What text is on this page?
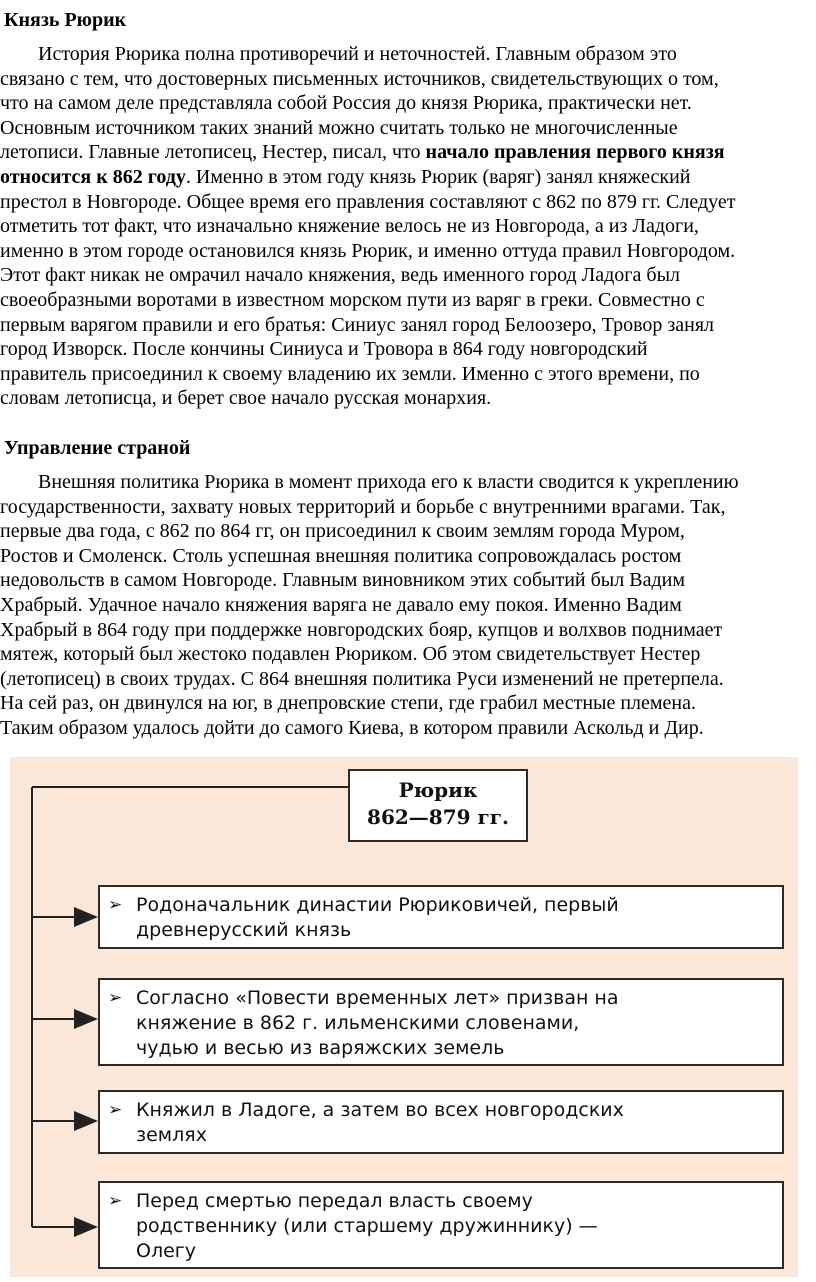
Князь Рюрик
История Рюрика полна противоречий и неточностей. Главным образом это
связано с тем, что достоверных письменных источников, свидетельствующих о том,
что на самом деле представляла собой Россия до князя Рюрика, практически нет.
Основным источником таких знаний можно считать только не многочисленные
летописи. Главные летописец, Нестер, писал, что начало правления первого князя
относится к 862 году. Именно в этом году князь Рюрик (варяг) занял княжеский
престол в Новгороде. Общее время его правления составляют с 862 по 879 гг. Следует
отметить тот факт, что изначально княжение велось не из Новгорода, а из Ладоги,
именно в этом городе остановился князь Рюрик, и именно оттуда правил Новгородом.
Этот факт никак не омрачил начало княжения, ведь именного город Ладога был
своеобразными воротами в известном морском пути из варяг в греки. Совместно с
первым варягом правили и его братья: Синиус занял город Белоозеро, Тровор занял
город Изворск. После кончины Синиуса и Тровора в 864 году новгородский
правитель присоединил к своему владению их земли. Именно с этого времени, по
словам летописца, и берет свое начало русская монархия.
Управление страной
Внешняя политика Рюрика в момент прихода его к власти сводится к укреплению
государственности, захвату новых территорий и борьбе с внутренними врагами. Так,
первые два года, с 862 по 864 гг, он присоединил к своим землям города Муром,
Ростов и Смоленск. Столь успешная внешняя политика сопровождалась ростом
недовольств в самом Новгороде. Главным виновником этих событий был Вадим
Храбрый. Удачное начало княжения варяга не давало ему покоя. Именно Вадим
Храбрый в 864 году при поддержке новгородских бояр, купцов и волхвов поднимает
мятеж, который был жестоко подавлен Рюриком. Об этом свидетельствует Нестер
(летописец) в своих трудах. С 864 внешняя политика Руси изменений не претерпела.
На сей раз, он двинулся на юг, в днепровские степи, где грабил местные племена.
Таким образом удалось дойти до самого Киева, в котором правили Аскольд и Дир.
Рюрик
862—879 гг.
➢ Родоначальник династии Рюриковичей, первый
древнерусский князь
➢ Согласно «Повести временных лет» призван на
княжение в 862 г. ильменскими словенами,
чудью и весью из варяжских земель
➢ Княжил в Ладоге, а затем во всех новгородских
землях
➢ Перед смертью передал власть своему
родственнику (или старшему дружиннику) —
Олегу
